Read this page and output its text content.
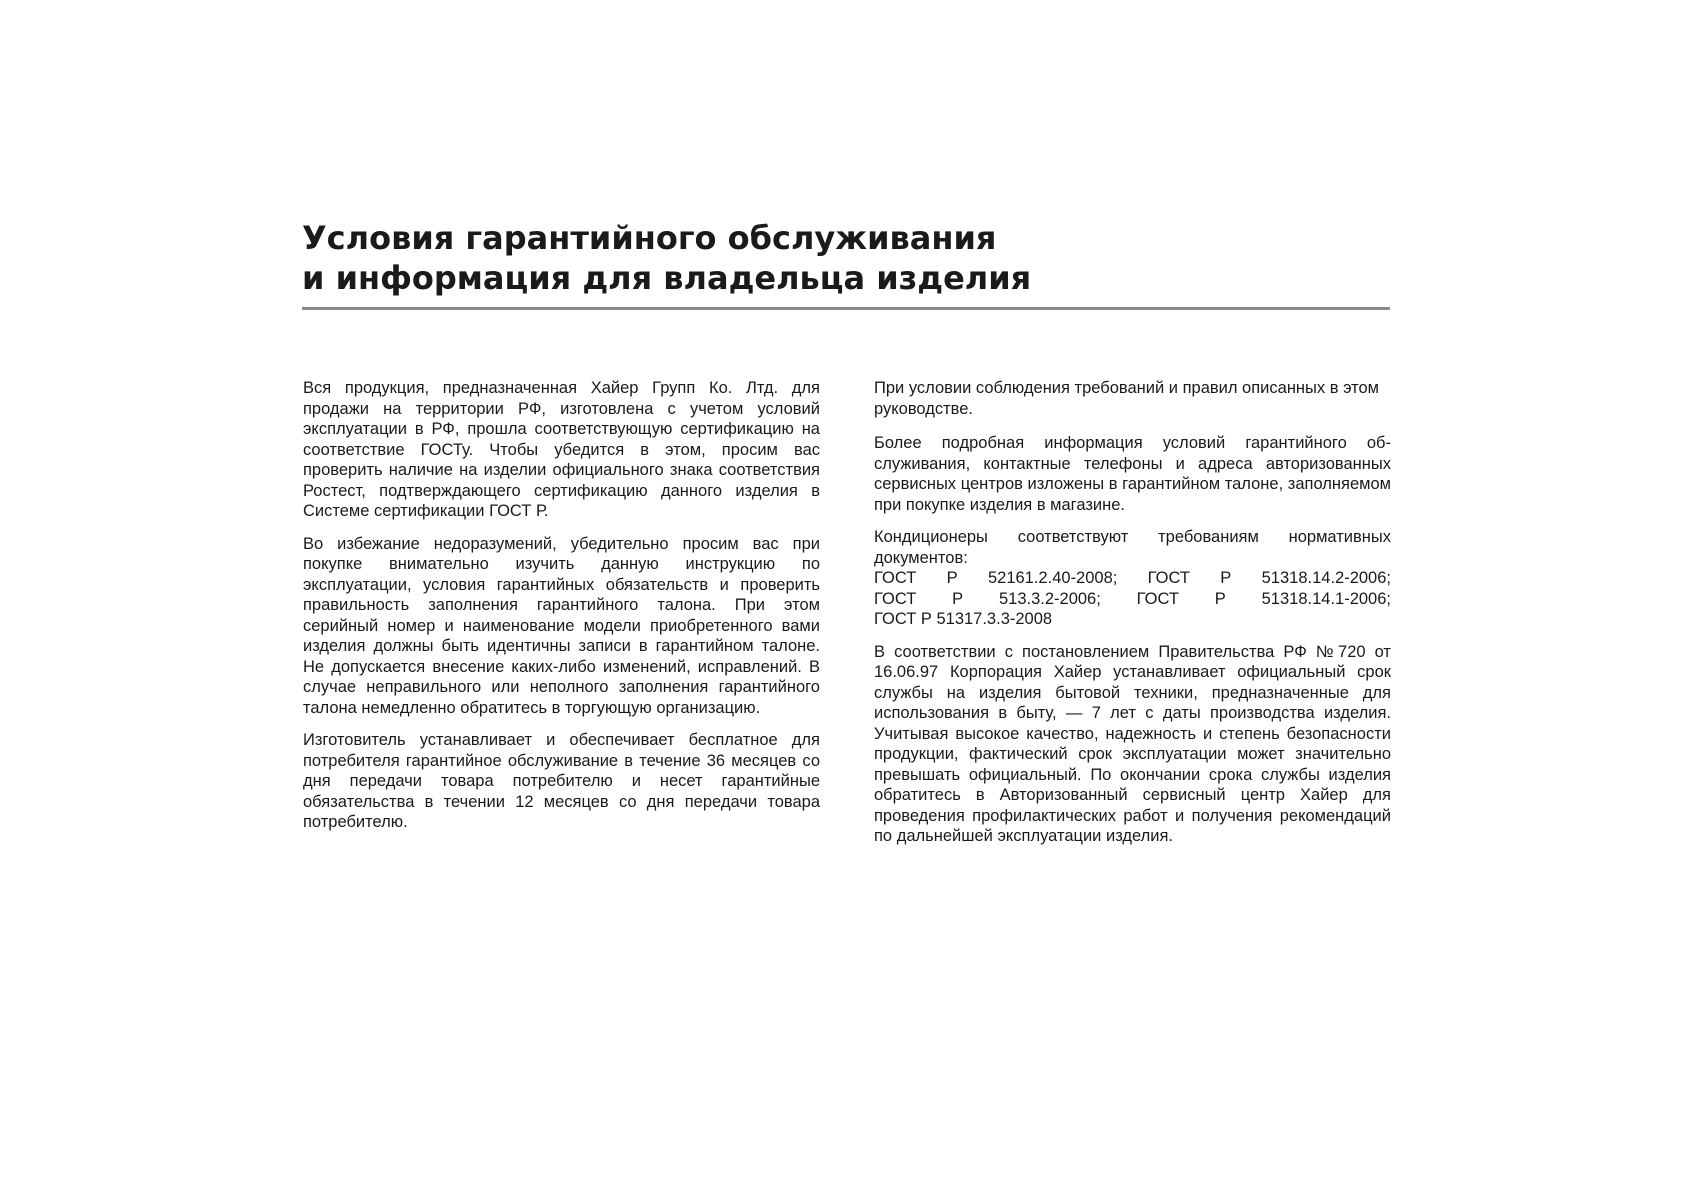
Условия гарантийного обслуживания
и информация для владельца изделия

Вся продукция, предназначенная Хайер Групп Ко. Лтд. для продажи на территории РФ, изготовлена с учетом условий эксплуатации в РФ, прошла соответствующую сертификацию на соответствие ГОСТу. Чтобы убедится в этом, просим вас проверить наличие на изделии официального знака соответствия Ростест, подтверждающего сертификацию данного изделия в Системе сертификации ГОСТ Р.

Во избежание недоразумений, убедительно просим вас при покупке внимательно изучить данную инструкцию по эксплуатации, условия гарантийных обязательств и проверить правильность заполнения гарантийного талона. При этом серийный номер и наименование модели приобретенного вами изделия должны быть идентичны записи в гарантийном талоне. Не допускается внесение каких-либо изменений, исправлений. В случае неправильного или неполного заполнения гарантийного талона немедленно обратитесь в торгующую организацию.

Изготовитель устанавливает и обеспечивает бесплатное для потребителя гарантийное обслуживание в течение 36 месяцев со дня передачи товара потребителю и несет гарантийные обязательства в течении 12 месяцев со дня передачи товара потребителю.

При условии соблюдения требований и правил описанных в этом руководстве.

Более подробная информация условий гарантийного обслуживания, контактные телефоны и адреса авторизованных сервисных центров изложены в гарантийном талоне, заполняемом при покупке изделия в магазине.

Кондиционеры соответствуют требованиям нормативных документов:
ГОСТ Р 52161.2.40-2008; ГОСТ Р 51318.14.2-2006;
ГОСТ Р 513.3.2-2006; ГОСТ Р 51318.14.1-2006;
ГОСТ Р 51317.3.3-2008

В соответствии с постановлением Правительства РФ №720 от 16.06.97 Корпорация Хайер устанавливает официальный срок службы на изделия бытовой техники, предназначенные для использования в быту, — 7 лет с даты производства изделия. Учитывая высокое качество, надежность и степень безопасности продукции, фактический срок эксплуатации может значительно превышать официальный. По окончании срока службы изделия обратитесь в Авторизованный сервисный центр Хайер для проведения профилактических работ и получения рекомендаций по дальнейшей эксплуатации изделия.
